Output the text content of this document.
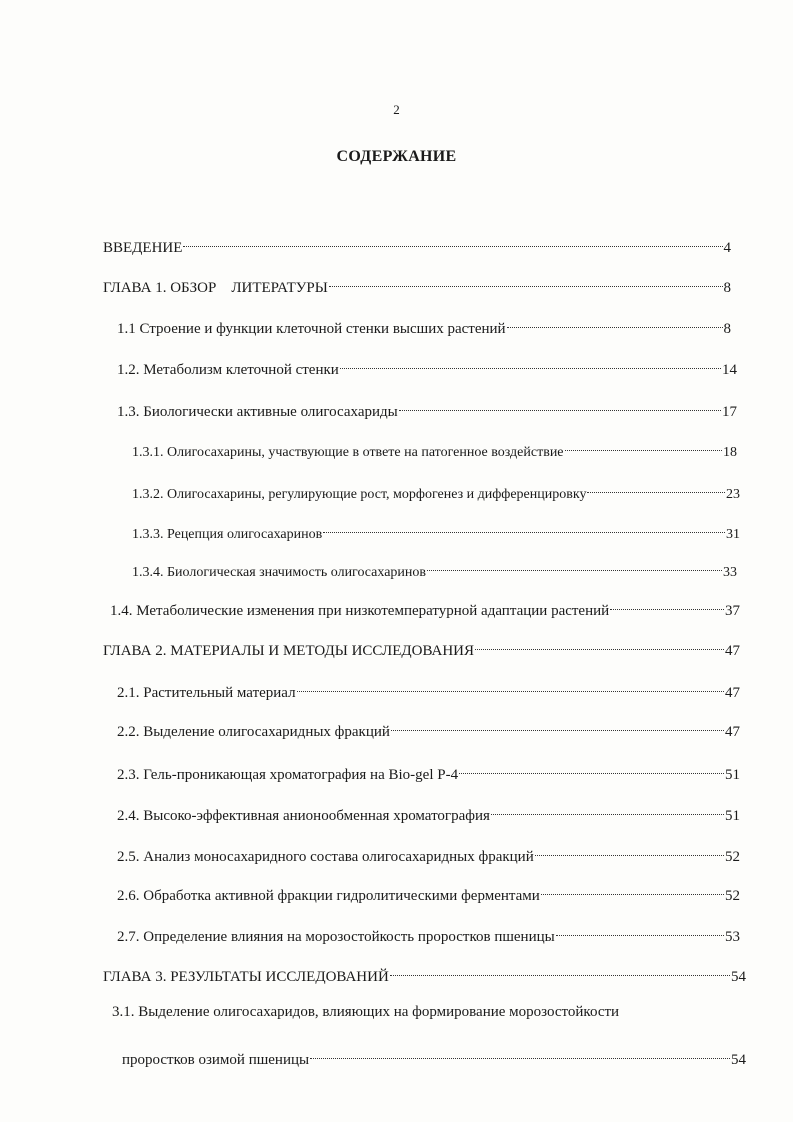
2
СОДЕРЖАНИЕ
ВВЕДЕНИЕ	4
ГЛАВА 1. ОБЗОР    ЛИТЕРАТУРЫ	8
1.1 Строение и функции клеточной стенки высших растений	8
1.2. Метаболизм клеточной стенки	14
1.3. Биологически активные олигосахариды	17
1.3.1. Олигосахарины, участвующие в ответе на патогенное воздействие	18
1.3.2. Олигосахарины, регулирующие рост, морфогенез и дифференцировку	23
1.3.3. Рецепция олигосахаринов	31
1.3.4. Биологическая значимость олигосахаринов	33
1.4. Метаболические изменения при низкотемпературной адаптации растений	37
ГЛАВА 2. МАТЕРИАЛЫ И МЕТОДЫ ИССЛЕДОВАНИЯ	47
2.1. Растительный материал	47
2.2. Выделение олигосахаридных фракций	47
2.3. Гель-проникающая хроматография на Bio-gel P-4	51
2.4. Высоко-эффективная анионообменная хроматография	51
2.5. Анализ моносахаридного состава олигосахаридных фракций	52
2.6. Обработка активной фракции гидролитическими ферментами	52
2.7. Определение влияния на морозостойкость проростков пшеницы	53
ГЛАВА 3. РЕЗУЛЬТАТЫ ИССЛЕДОВАНИЙ	54
3.1. Выделение олигосахаридов, влияющих на формирование морозостойкости
проростков озимой пшеницы	54
